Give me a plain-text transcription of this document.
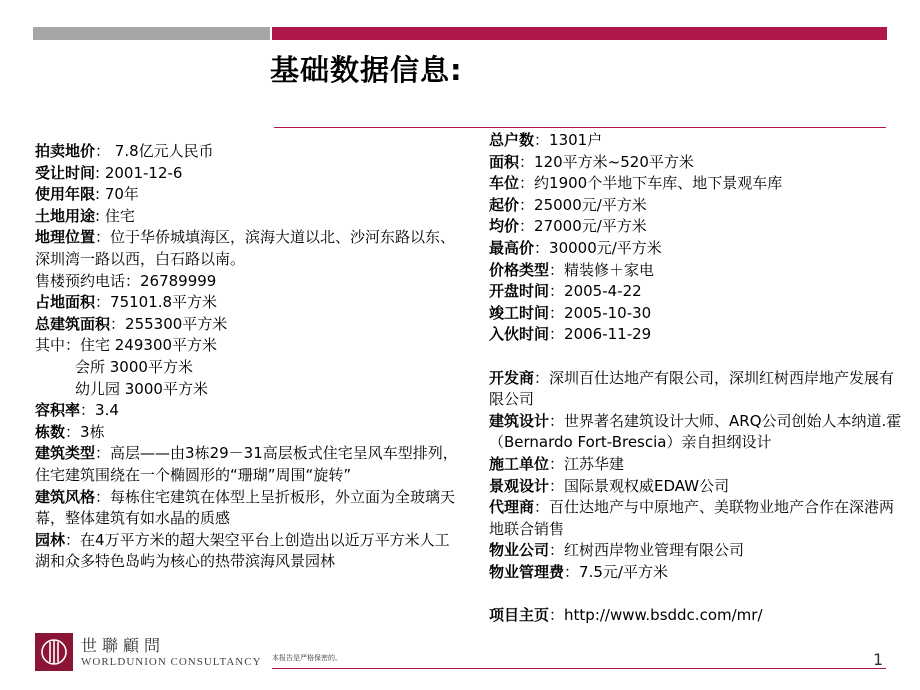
基础数据信息:
拍卖地价： 7.8亿元人民币
受让时间: 2001-12-6
使用年限: 70年
土地用途: 住宅
地理位置：位于华侨城填海区，滨海大道以北、沙河东路以东、深圳湾一路以西，白石路以南。
售楼预约电话：26789999
占地面积：75101.8平方米
总建筑面积：255300平方米
其中：住宅 249300平方米
会所 3000平方米
幼儿园 3000平方米
容积率：3.4
栋数：3栋
建筑类型：高层——由3栋29－31高层板式住宅呈风车型排列，住宅建筑围绕在一个椭圆形的“珊瑚”周围“旋转”
建筑风格：每栋住宅建筑在体型上呈折板形，外立面为全玻璃天幕，整体建筑有如水晶的质感
园林：在4万平方米的超大架空平台上创造出以近万平方米人工湖和众多特色岛屿为核心的热带滨海风景园林
总户数：1301户
面积：120平方米~520平方米
车位：约1900个半地下车库、地下景观车库
起价：25000元/平方米
均价：27000元/平方米
最高价：30000元/平方米
价格类型：精装修＋家电
开盘时间：2005-4-22
竣工时间：2005-10-30
入伙时间：2006-11-29
开发商：深圳百仕达地产有限公司，深圳红树西岸地产发展有限公司
建筑设计：世界著名建筑设计大师、ARQ公司创始人本纳道.霍（Bernardo Fort-Brescia）亲自担纲设计
施工单位：江苏华建
景观设计：国际景观权威EDAW公司
代理商：百仕达地产与中原地产、美联物业地产合作在深港两地联合销售
物业公司：红树西岸物业管理有限公司
物业管理费：7.5元/平方米
项目主页：http://www.bsddc.com/mr/
世聯顧問
WORLDUNION CONSULTANCY 本报告是严格保密的。	1
